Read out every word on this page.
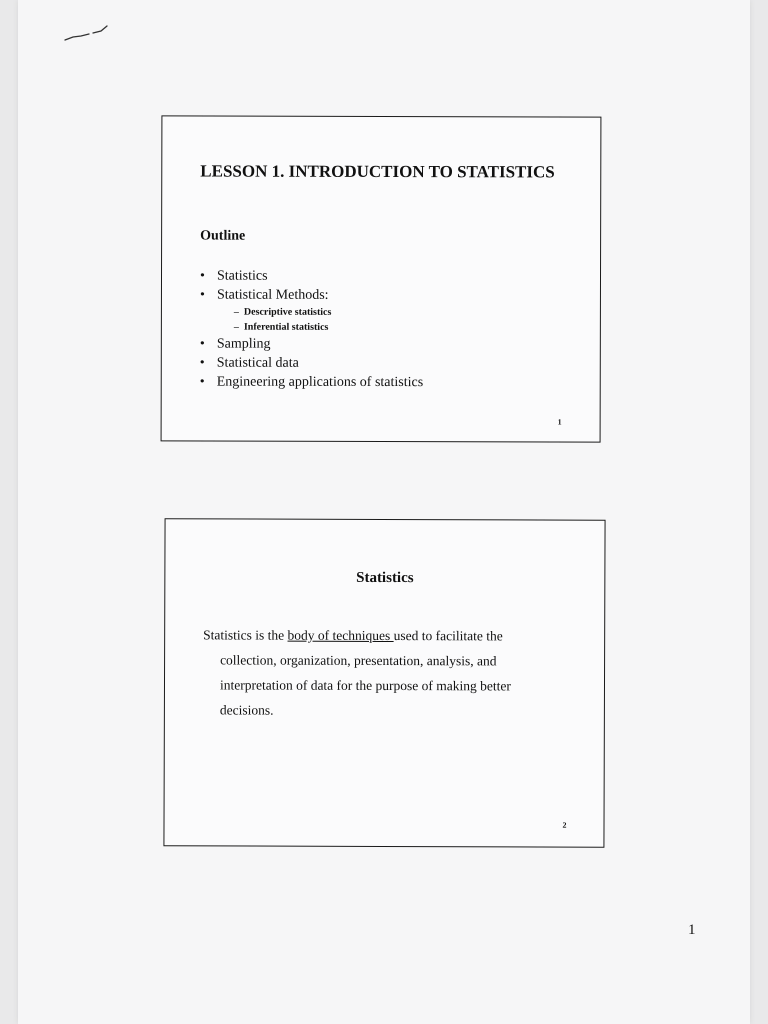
LESSON 1. INTRODUCTION TO STATISTICS
Outline
• Statistics
• Statistical Methods:
– Descriptive statistics
– Inferential statistics
• Sampling
• Statistical data
• Engineering applications of statistics
1
Statistics
Statistics is the body of techniques used to facilitate the
collection, organization, presentation, analysis, and
interpretation of data for the purpose of making better
decisions.
2
1
